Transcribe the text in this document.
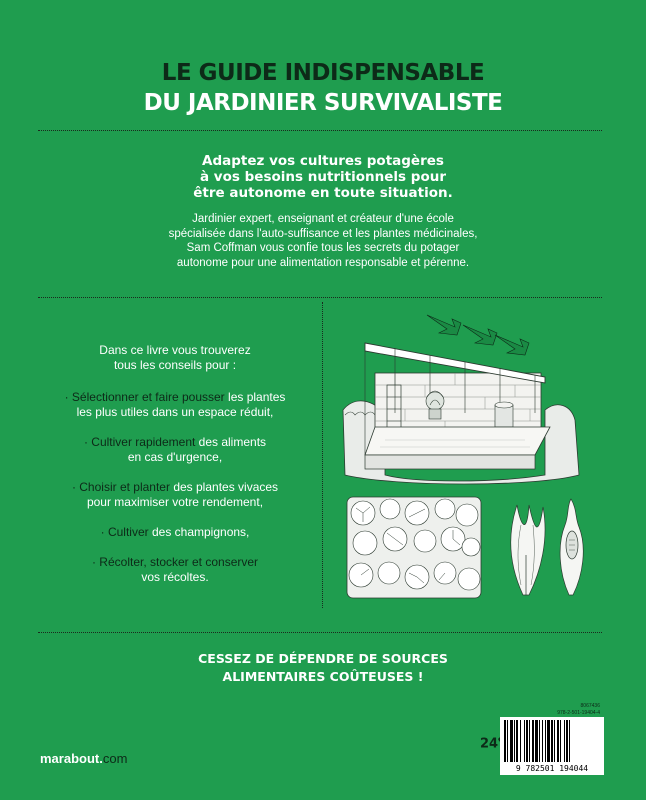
LE GUIDE INDISPENSABLE
DU JARDINIER SURVIVALISTE
Adaptez vos cultures potagères
à vos besoins nutritionnels pour
être autonome en toute situation.
Jardinier expert, enseignant et créateur d'une école
spécialisée dans l'auto-suffisance et les plantes médicinales,
Sam Coffman vous confie tous les secrets du potager
autonome pour une alimentation responsable et pérenne.
Dans ce livre vous trouverez
tous les conseils pour :
· Sélectionner et faire pousser les plantes
les plus utiles dans un espace réduit,
· Cultiver rapidement des aliments
en cas d'urgence,
· Choisir et planter des plantes vivaces
pour maximiser votre rendement,
· Cultiver des champignons,
· Récolter, stocker et conserver
vos récoltes.
CESSEZ DE DÉPENDRE DE SOURCES
ALIMENTAIRES COÛTEUSES !
marabout.com
8067436
978-2-501-19404-4
24
9 782501 194044
